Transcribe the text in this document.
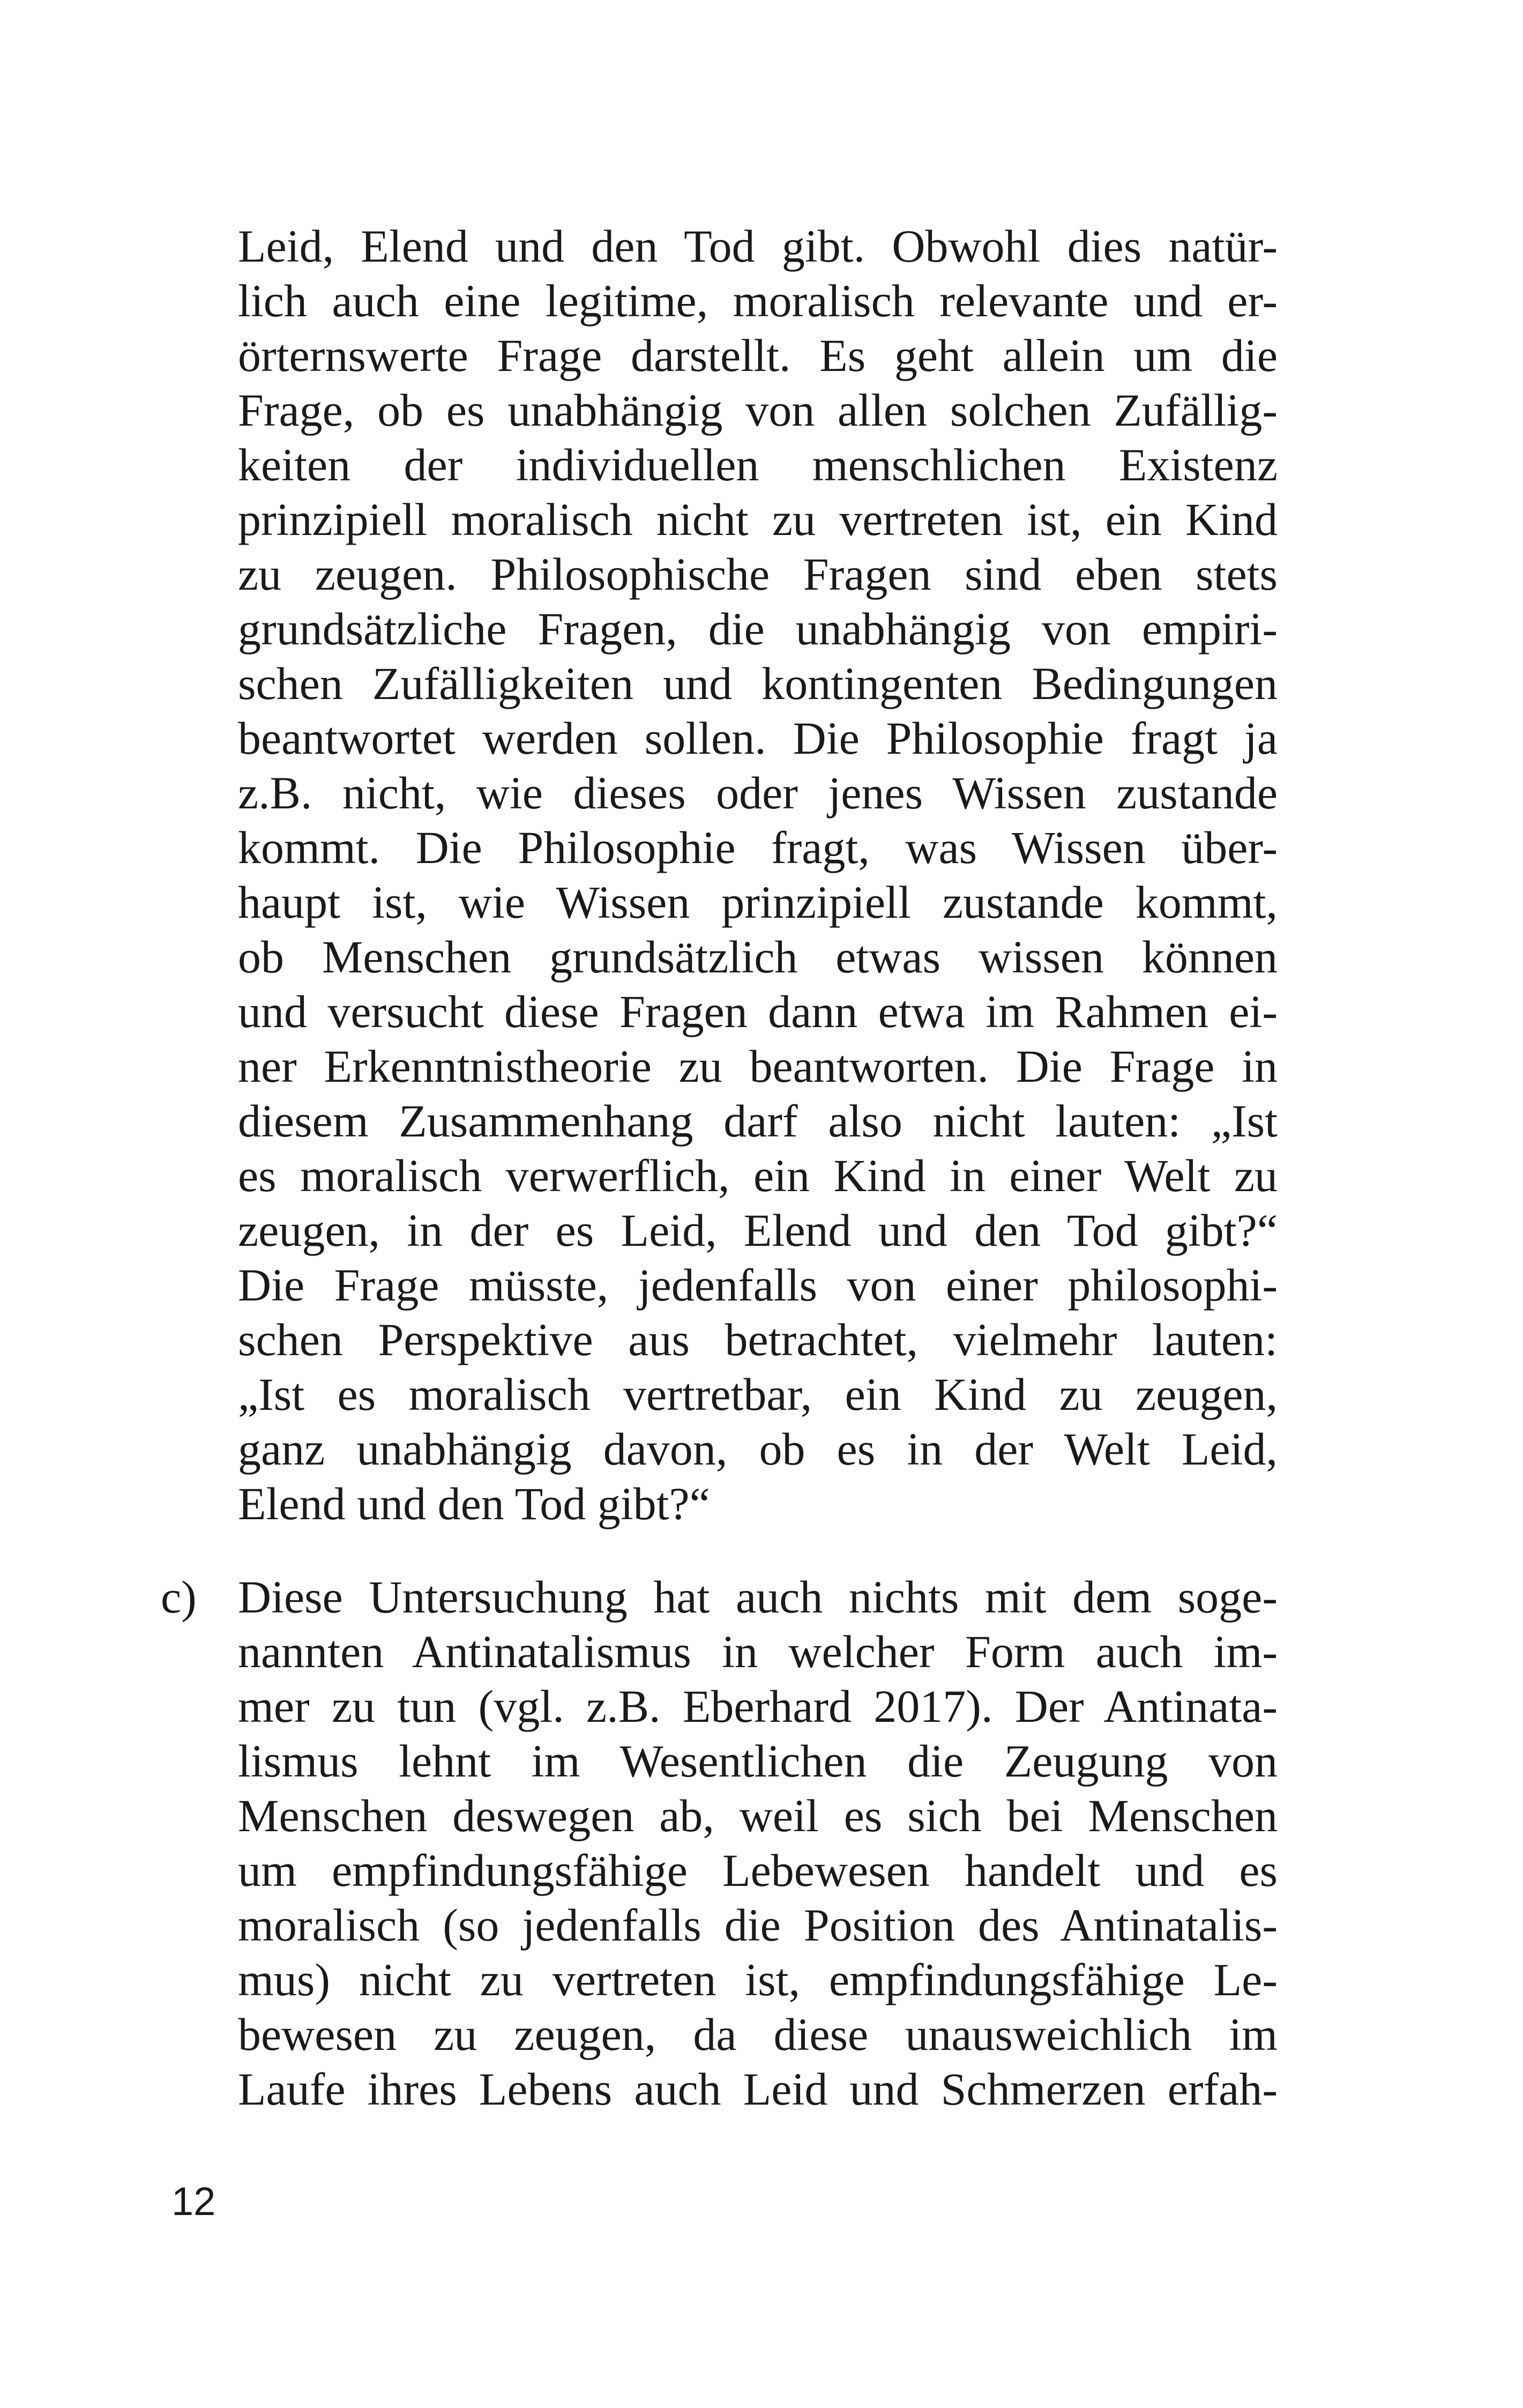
Leid, Elend und den Tod gibt. Obwohl dies natür-
lich auch eine legitime, moralisch relevante und er-
örternswerte Frage darstellt. Es geht allein um die
Frage, ob es unabhängig von allen solchen Zufällig-
keiten der individuellen menschlichen Existenz
prinzipiell moralisch nicht zu vertreten ist, ein Kind
zu zeugen. Philosophische Fragen sind eben stets
grundsätzliche Fragen, die unabhängig von empiri-
schen Zufälligkeiten und kontingenten Bedingungen
beantwortet werden sollen. Die Philosophie fragt ja
z.B. nicht, wie dieses oder jenes Wissen zustande
kommt. Die Philosophie fragt, was Wissen über-
haupt ist, wie Wissen prinzipiell zustande kommt,
ob Menschen grundsätzlich etwas wissen können
und versucht diese Fragen dann etwa im Rahmen ei-
ner Erkenntnistheorie zu beantworten. Die Frage in
diesem Zusammenhang darf also nicht lauten: „Ist
es moralisch verwerflich, ein Kind in einer Welt zu
zeugen, in der es Leid, Elend und den Tod gibt?“
Die Frage müsste, jedenfalls von einer philosophi-
schen Perspektive aus betrachtet, vielmehr lauten:
„Ist es moralisch vertretbar, ein Kind zu zeugen,
ganz unabhängig davon, ob es in der Welt Leid,
Elend und den Tod gibt?“
c) Diese Untersuchung hat auch nichts mit dem soge-
nannten Antinatalismus in welcher Form auch im-
mer zu tun (vgl. z.B. Eberhard 2017). Der Antinata-
lismus lehnt im Wesentlichen die Zeugung von
Menschen deswegen ab, weil es sich bei Menschen
um empfindungsfähige Lebewesen handelt und es
moralisch (so jedenfalls die Position des Antinatalis-
mus) nicht zu vertreten ist, empfindungsfähige Le-
bewesen zu zeugen, da diese unausweichlich im
Laufe ihres Lebens auch Leid und Schmerzen erfah-
12
